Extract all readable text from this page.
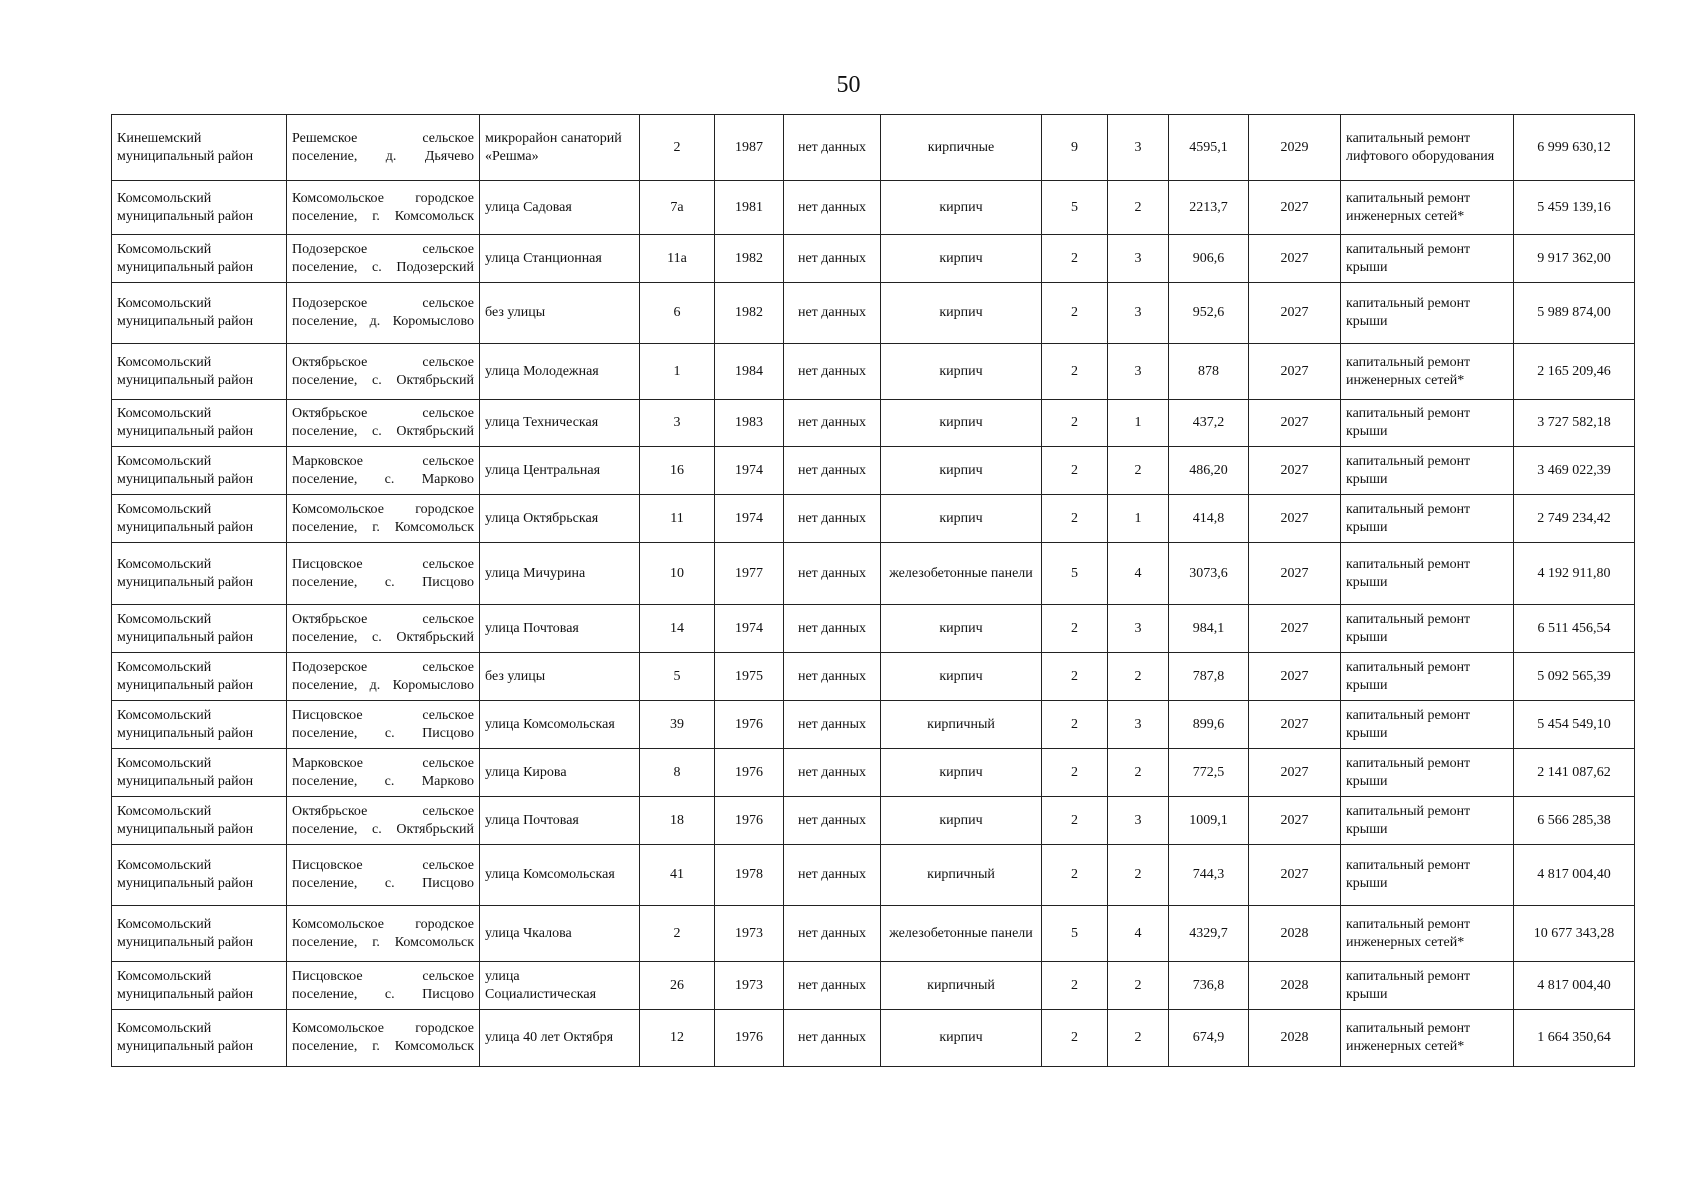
50
Кинешемский муниципальный район	Решемское сельское поселение, д. Дьячево	микрорайон санаторий «Решма»	2	1987	нет данных	кирпичные	9	3	4595,1	2029	капитальный ремонт лифтового оборудования	6 999 630,12
Комсомольский муниципальный район	Комсомольское городское поселение, г. Комсомольск	улица Садовая	7а	1981	нет данных	кирпич	5	2	2213,7	2027	капитальный ремонт инженерных сетей*	5 459 139,16
Комсомольский муниципальный район	Подозерское сельское поселение, с. Подозерский	улица Станционная	11а	1982	нет данных	кирпич	2	3	906,6	2027	капитальный ремонт крыши	9 917 362,00
Комсомольский муниципальный район	Подозерское сельское поселение, д. Коромыслово	без улицы	6	1982	нет данных	кирпич	2	3	952,6	2027	капитальный ремонт крыши	5 989 874,00
Комсомольский муниципальный район	Октябрьское сельское поселение, с. Октябрьский	улица Молодежная	1	1984	нет данных	кирпич	2	3	878	2027	капитальный ремонт инженерных сетей*	2 165 209,46
Комсомольский муниципальный район	Октябрьское сельское поселение, с. Октябрьский	улица Техническая	3	1983	нет данных	кирпич	2	1	437,2	2027	капитальный ремонт крыши	3 727 582,18
Комсомольский муниципальный район	Марковское сельское поселение, с. Марково	улица Центральная	16	1974	нет данных	кирпич	2	2	486,20	2027	капитальный ремонт крыши	3 469 022,39
Комсомольский муниципальный район	Комсомольское городское поселение, г. Комсомольск	улица Октябрьская	11	1974	нет данных	кирпич	2	1	414,8	2027	капитальный ремонт крыши	2 749 234,42
Комсомольский муниципальный район	Писцовское сельское поселение, с. Писцово	улица Мичурина	10	1977	нет данных	железобетонные панели	5	4	3073,6	2027	капитальный ремонт крыши	4 192 911,80
Комсомольский муниципальный район	Октябрьское сельское поселение, с. Октябрьский	улица Почтовая	14	1974	нет данных	кирпич	2	3	984,1	2027	капитальный ремонт крыши	6 511 456,54
Комсомольский муниципальный район	Подозерское сельское поселение, д. Коромыслово	без улицы	5	1975	нет данных	кирпич	2	2	787,8	2027	капитальный ремонт крыши	5 092 565,39
Комсомольский муниципальный район	Писцовское сельское поселение, с. Писцово	улица Комсомольская	39	1976	нет данных	кирпичный	2	3	899,6	2027	капитальный ремонт крыши	5 454 549,10
Комсомольский муниципальный район	Марковское сельское поселение, с. Марково	улица Кирова	8	1976	нет данных	кирпич	2	2	772,5	2027	капитальный ремонт крыши	2 141 087,62
Комсомольский муниципальный район	Октябрьское сельское поселение, с. Октябрьский	улица Почтовая	18	1976	нет данных	кирпич	2	3	1009,1	2027	капитальный ремонт крыши	6 566 285,38
Комсомольский муниципальный район	Писцовское сельское поселение, с. Писцово	улица Комсомольская	41	1978	нет данных	кирпичный	2	2	744,3	2027	капитальный ремонт крыши	4 817 004,40
Комсомольский муниципальный район	Комсомольское городское поселение, г. Комсомольск	улица Чкалова	2	1973	нет данных	железобетонные панели	5	4	4329,7	2028	капитальный ремонт инженерных сетей*	10 677 343,28
Комсомольский муниципальный район	Писцовское сельское поселение, с. Писцово	улица Социалистическая	26	1973	нет данных	кирпичный	2	2	736,8	2028	капитальный ремонт крыши	4 817 004,40
Комсомольский муниципальный район	Комсомольское городское поселение, г. Комсомольск	улица 40 лет Октября	12	1976	нет данных	кирпич	2	2	674,9	2028	капитальный ремонт инженерных сетей*	1 664 350,64
